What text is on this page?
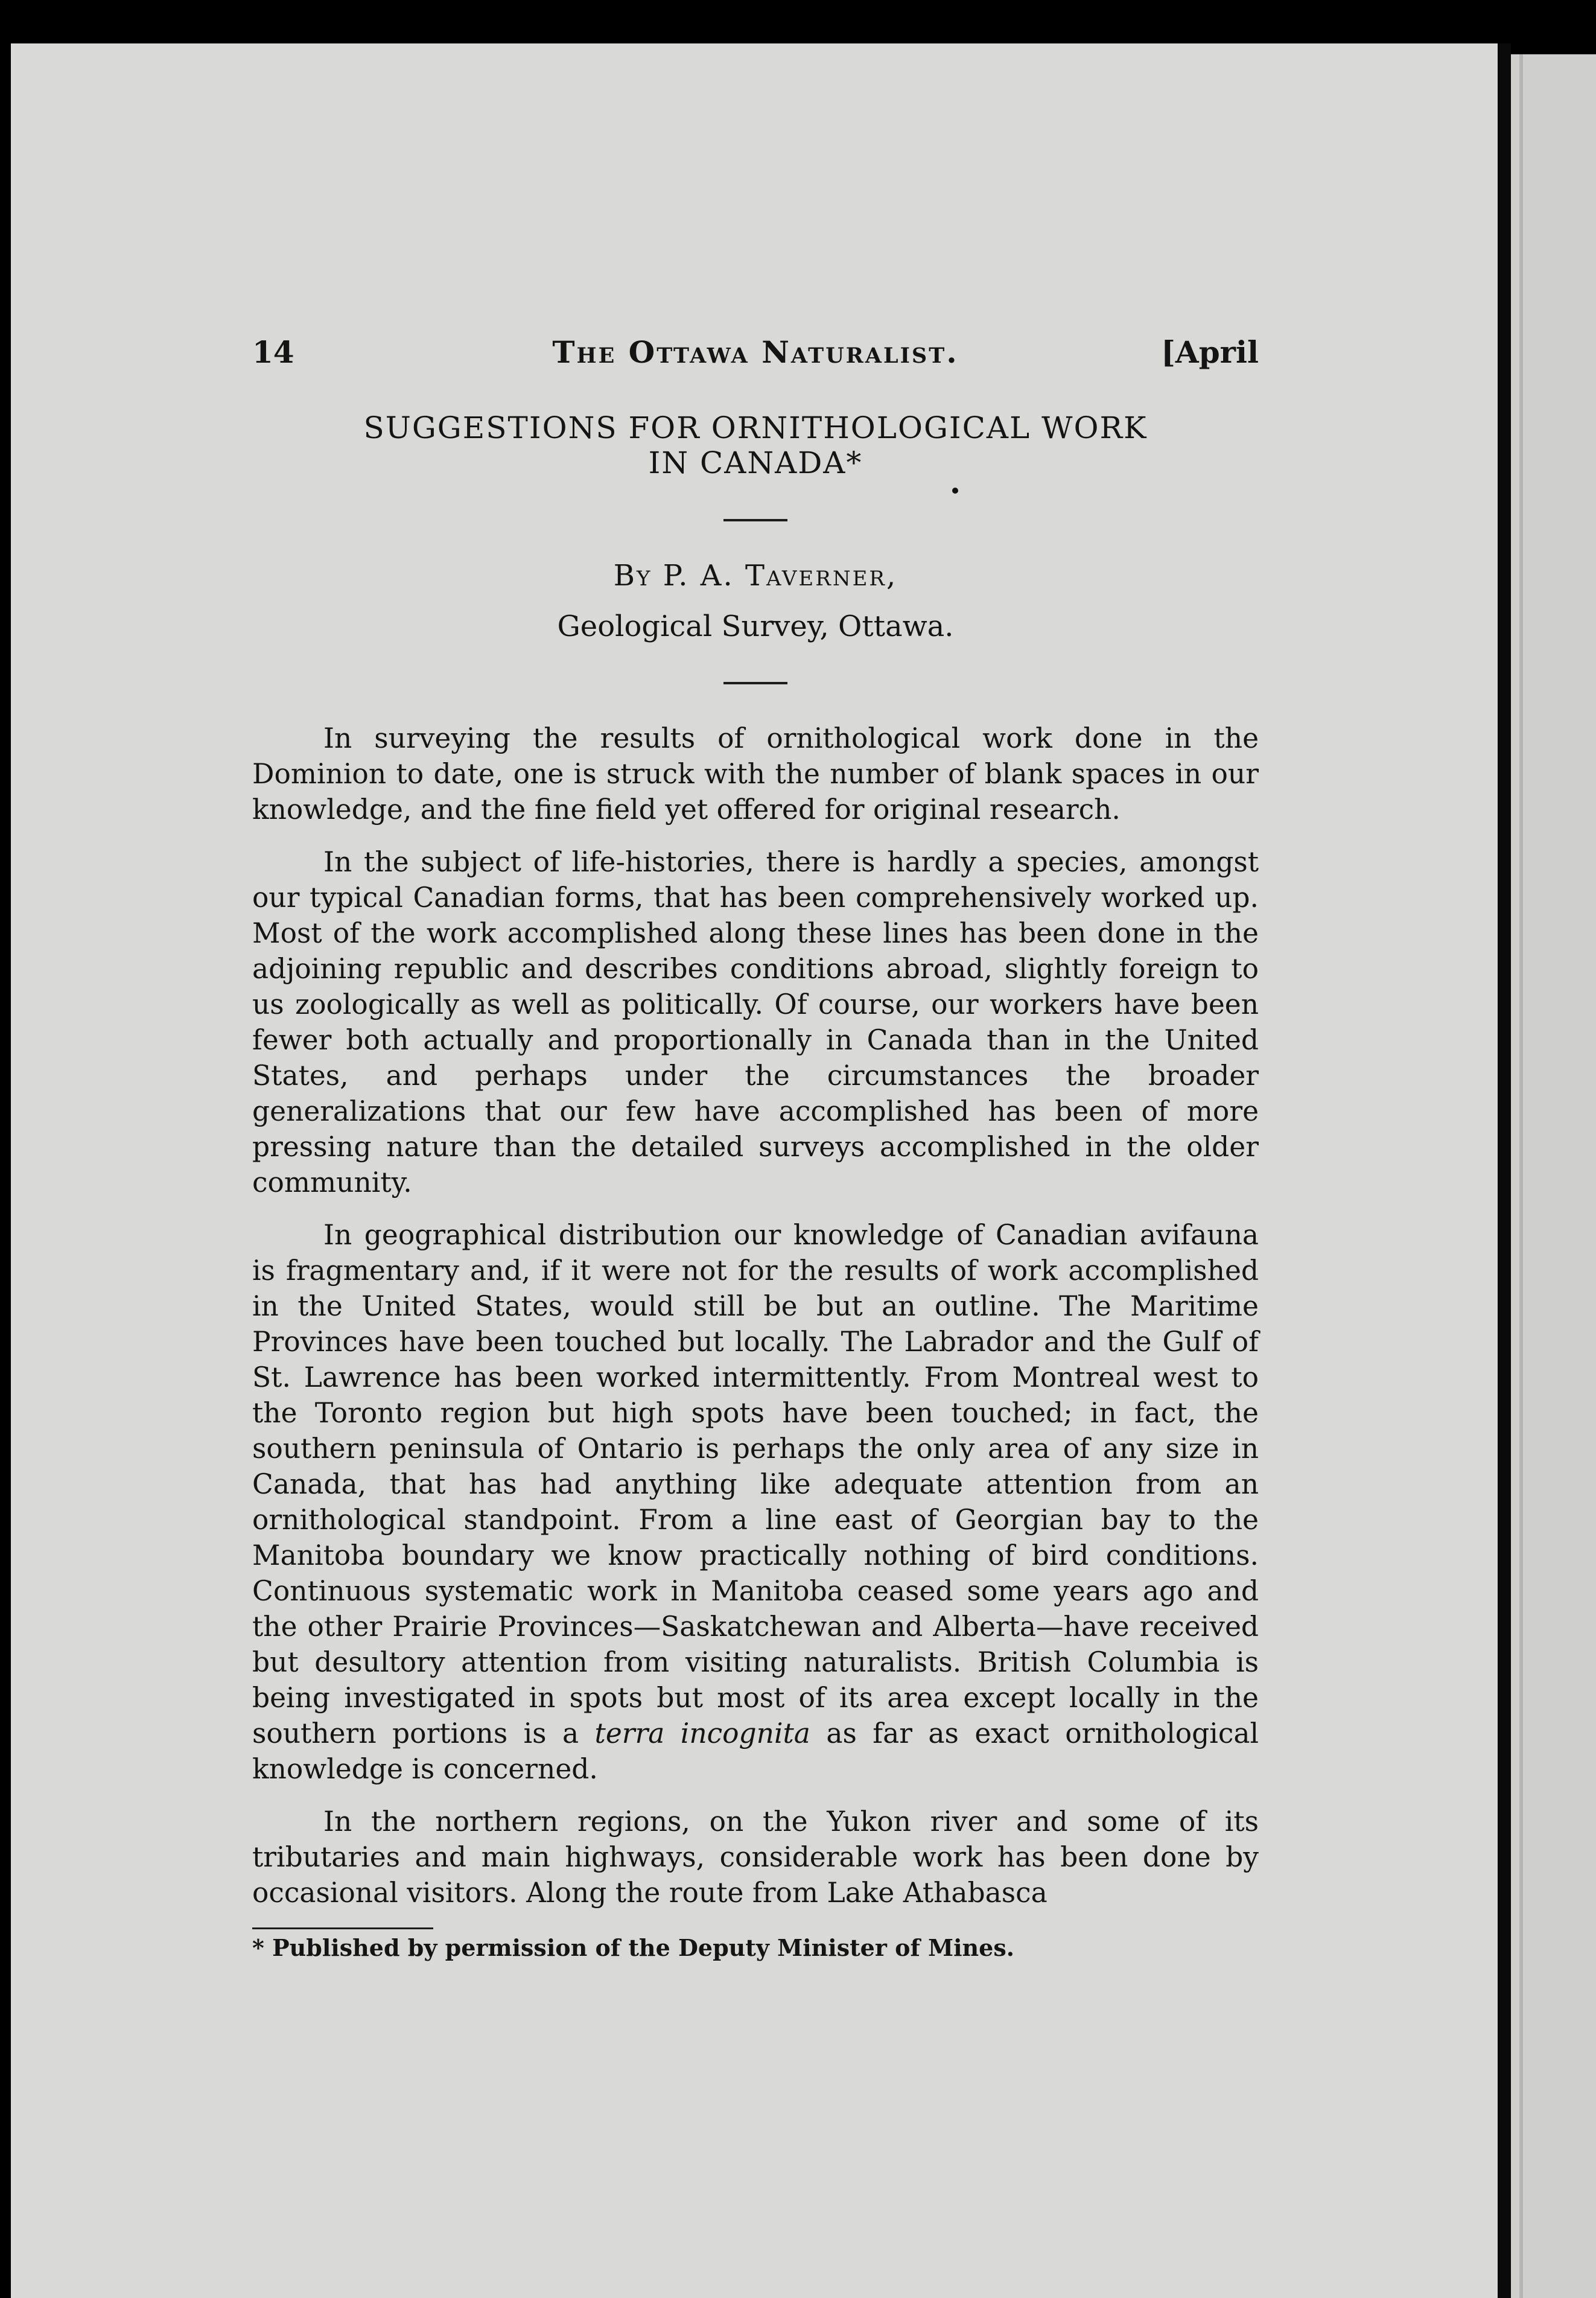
14	The Ottawa Naturalist.	[April
SUGGESTIONS FOR ORNITHOLOGICAL WORK
IN CANADA*
By P. A. Taverner,
Geological Survey, Ottawa.

In surveying the results of ornithological work done in the Dominion to date, one is struck with the number of blank spaces in our knowledge, and the fine field yet offered for original research.

In the subject of life-histories, there is hardly a species, amongst our typical Canadian forms, that has been comprehensively worked up. Most of the work accomplished along these lines has been done in the adjoining republic and describes conditions abroad, slightly foreign to us zoologically as well as politically. Of course, our workers have been fewer both actually and proportionally in Canada than in the United States, and perhaps under the circumstances the broader generalizations that our few have accomplished has been of more pressing nature than the detailed surveys accomplished in the older community.

In geographical distribution our knowledge of Canadian avifauna is fragmentary and, if it were not for the results of work accomplished in the United States, would still be but an outline. The Maritime Provinces have been touched but locally. The Labrador and the Gulf of St. Lawrence has been worked intermittently. From Montreal west to the Toronto region but high spots have been touched; in fact, the southern peninsula of Ontario is perhaps the only area of any size in Canada, that has had anything like adequate attention from an ornithological standpoint. From a line east of Georgian bay to the Manitoba boundary we know practically nothing of bird conditions. Continuous systematic work in Manitoba ceased some years ago and the other Prairie Provinces—Saskatchewan and Alberta—have received but desultory attention from visiting naturalists. British Columbia is being investigated in spots but most of its area except locally in the southern portions is a terra incognita as far as exact ornithological knowledge is concerned.

In the northern regions, on the Yukon river and some of its tributaries and main highways, considerable work has been done by occasional visitors. Along the route from Lake Athabasca

* Published by permission of the Deputy Minister of Mines.
